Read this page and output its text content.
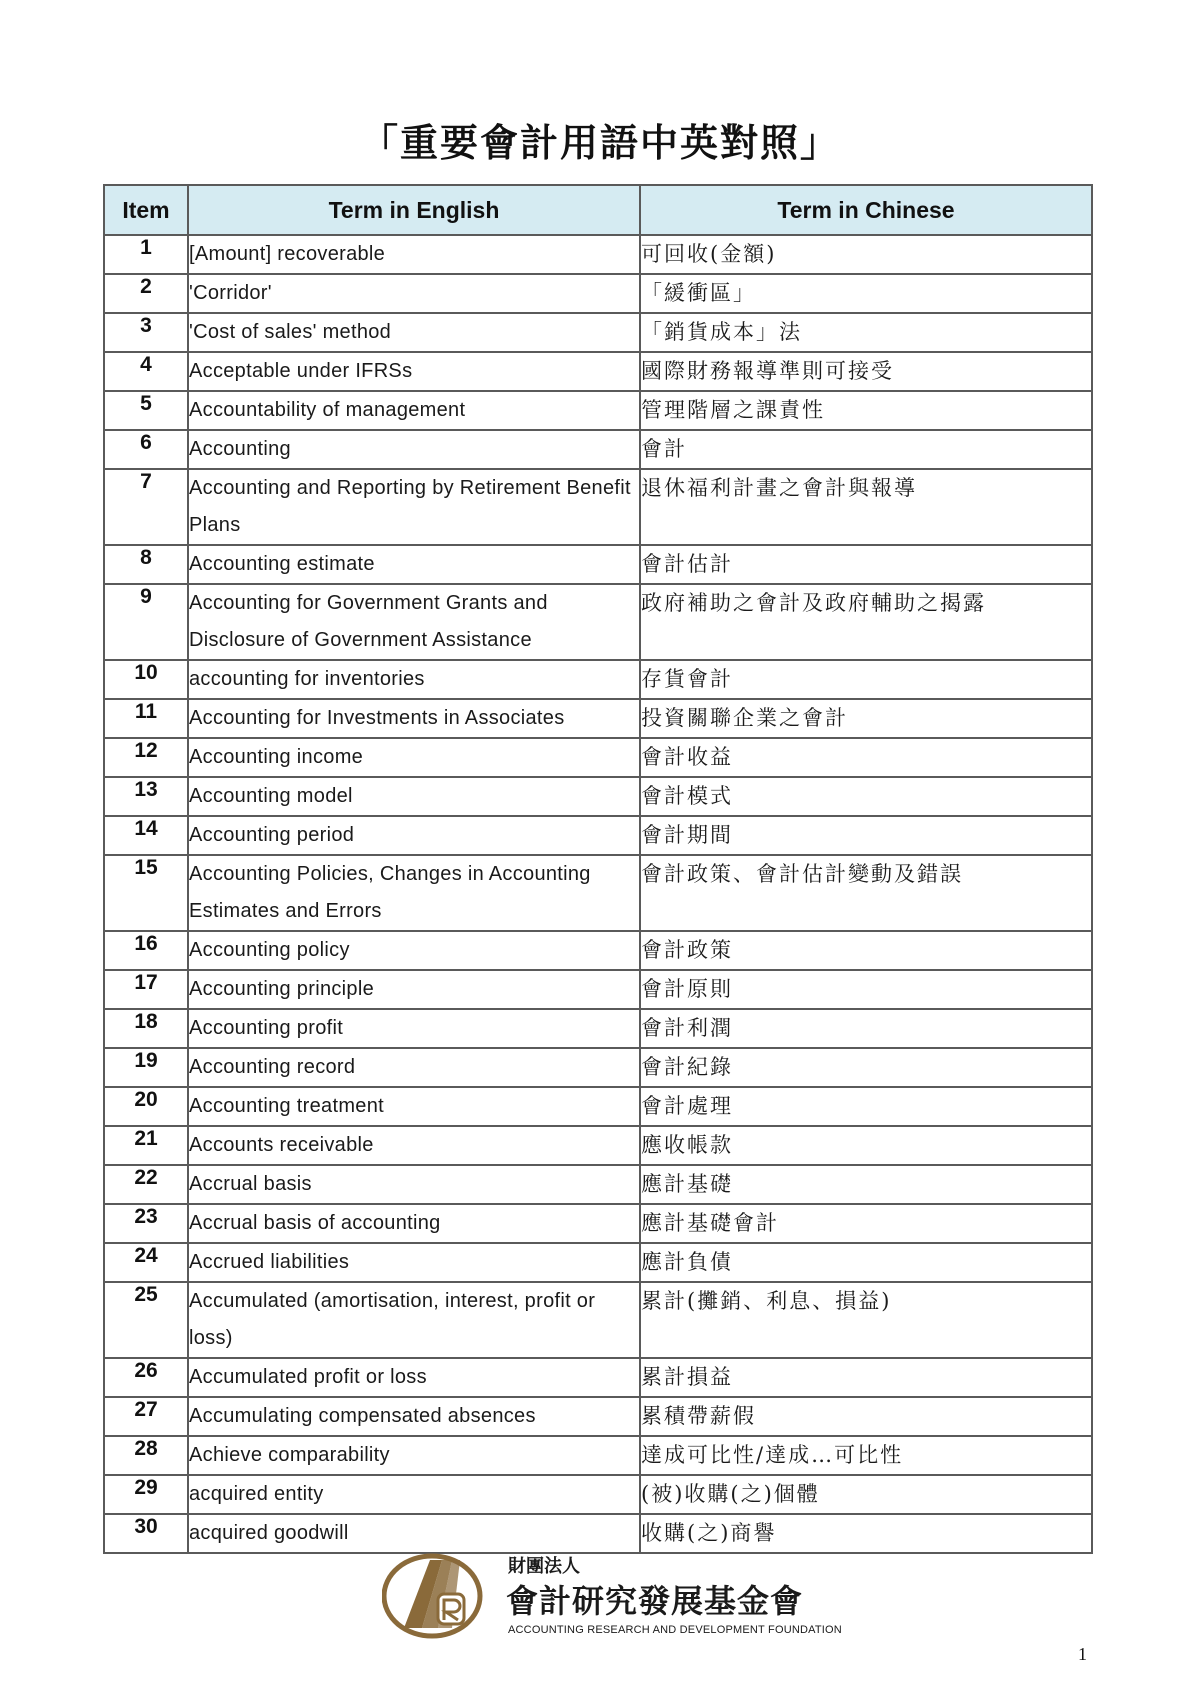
「重要會計用語中英對照」
Item	Term in English	Term in Chinese
1	[Amount] recoverable	可回收(金額)
2	'Corridor'	「緩衝區」
3	'Cost of sales' method	「銷貨成本」法
4	Acceptable under IFRSs	國際財務報導準則可接受
5	Accountability of management	管理階層之課責性
6	Accounting	會計
7	Accounting and Reporting by Retirement Benefit Plans	退休福利計畫之會計與報導
8	Accounting estimate	會計估計
9	Accounting for Government Grants and Disclosure of Government Assistance	政府補助之會計及政府輔助之揭露
10	accounting for inventories	存貨會計
11	Accounting for Investments in Associates	投資關聯企業之會計
12	Accounting income	會計收益
13	Accounting model	會計模式
14	Accounting period	會計期間
15	Accounting Policies, Changes in Accounting Estimates and Errors	會計政策、會計估計變動及錯誤
16	Accounting policy	會計政策
17	Accounting principle	會計原則
18	Accounting profit	會計利潤
19	Accounting record	會計紀錄
20	Accounting treatment	會計處理
21	Accounts receivable	應收帳款
22	Accrual basis	應計基礎
23	Accrual basis of accounting	應計基礎會計
24	Accrued liabilities	應計負債
25	Accumulated (amortisation, interest, profit or loss)	累計(攤銷、利息、損益)
26	Accumulated profit or loss	累計損益
27	Accumulating compensated absences	累積帶薪假
28	Achieve comparability	達成可比性/達成…可比性
29	acquired entity	(被)收購(之)個體
30	acquired goodwill	收購(之)商譽
財團法人
會計研究發展基金會
ACCOUNTING RESEARCH AND DEVELOPMENT FOUNDATION
1
